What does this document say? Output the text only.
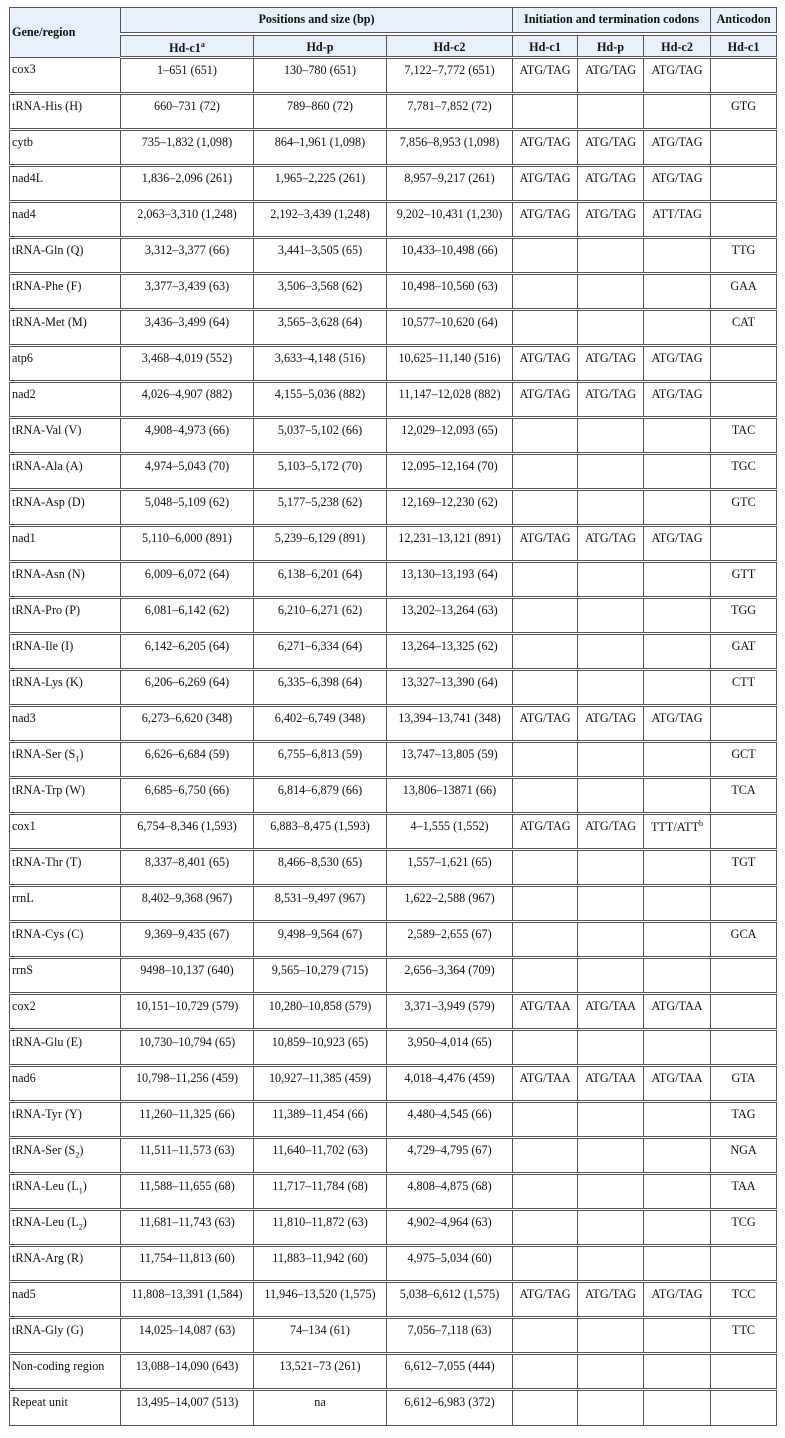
Gene/region	Positions and size (bp)			Initiation and termination codons			Anticodon
	Hd-c1$^a$	Hd-p	Hd-c2	Hd-c1	Hd-p	Hd-c2	Hd-c1
cox3	1–651 (651)	130–780 (651)	7,122–7,772 (651)	ATG/TAG	ATG/TAG	ATG/TAG	
tRNA-His (H)	660–731 (72)	789–860 (72)	7,781–7,852 (72)				GTG
cytb	735–1,832 (1,098)	864–1,961 (1,098)	7,856–8,953 (1,098)	ATG/TAG	ATG/TAG	ATG/TAG	
nad4L	1,836–2,096 (261)	1,965–2,225 (261)	8,957–9,217 (261)	ATG/TAG	ATG/TAG	ATG/TAG	
nad4	2,063–3,310 (1,248)	2,192–3,439 (1,248)	9,202–10,431 (1,230)	ATG/TAG	ATG/TAG	ATT/TAG	
tRNA-Gln (Q)	3,312–3,377 (66)	3,441–3,505 (65)	10,433–10,498 (66)				TTG
tRNA-Phe (F)	3,377–3,439 (63)	3,506–3,568 (62)	10,498–10,560 (63)				GAA
tRNA-Met (M)	3,436–3,499 (64)	3,565–3,628 (64)	10,577–10,620 (64)				CAT
atp6	3,468–4,019 (552)	3,633–4,148 (516)	10,625–11,140 (516)	ATG/TAG	ATG/TAG	ATG/TAG	
nad2	4,026–4,907 (882)	4,155–5,036 (882)	11,147–12,028 (882)	ATG/TAG	ATG/TAG	ATG/TAG	
tRNA-Val (V)	4,908–4,973 (66)	5,037–5,102 (66)	12,029–12,093 (65)				TAC
tRNA-Ala (A)	4,974–5,043 (70)	5,103–5,172 (70)	12,095–12,164 (70)				TGC
tRNA-Asp (D)	5,048–5,109 (62)	5,177–5,238 (62)	12,169–12,230 (62)				GTC
nad1	5,110–6,000 (891)	5,239–6,129 (891)	12,231–13,121 (891)	ATG/TAG	ATG/TAG	ATG/TAG	
tRNA-Asn (N)	6,009–6,072 (64)	6,138–6,201 (64)	13,130–13,193 (64)				GTT
tRNA-Pro (P)	6,081–6,142 (62)	6,210–6,271 (62)	13,202–13,264 (63)				TGG
tRNA-Ile (I)	6,142–6,205 (64)	6,271–6,334 (64)	13,264–13,325 (62)				GAT
tRNA-Lys (K)	6,206–6,269 (64)	6,335–6,398 (64)	13,327–13,390 (64)				CTT
nad3	6,273–6,620 (348)	6,402–6,749 (348)	13,394–13,741 (348)	ATG/TAG	ATG/TAG	ATG/TAG	
tRNA-Ser $(S_1)$	6,626–6,684 (59)	6,755–6,813 (59)	13,747–13,805 (59)				GCT
tRNA-Trp (W)	6,685–6,750 (66)	6,814–6,879 (66)	13,806–13871 (66)				TCA
cox1	6,754–8,346 (1,593)	6,883–8,475 (1,593)	4–1,555 (1,552)	ATG/TAG	ATG/TAG	TTT/ATT$^b$	
tRNA-Thr (T)	8,337–8,401 (65)	8,466–8,530 (65)	1,557–1,621 (65)				TGT
rrnL	8,402–9,368 (967)	8,531–9,497 (967)	1,622–2,588 (967)				
tRNA-Cys (C)	9,369–9,435 (67)	9,498–9,564 (67)	2,589–2,655 (67)				GCA
rrnS	9498–10,137 (640)	9,565–10,279 (715)	2,656–3,364 (709)				
cox2	10,151–10,729 (579)	10,280–10,858 (579)	3,371–3,949 (579)	ATG/TAA	ATG/TAA	ATG/TAA	
tRNA-Glu (E)	10,730–10,794 (65)	10,859–10,923 (65)	3,950–4,014 (65)				
nad6	10,798–11,256 (459)	10,927–11,385 (459)	4,018–4,476 (459)	ATG/TAA	ATG/TAA	ATG/TAA	GTA
tRNA-Tyr (Y)	11,260–11,325 (66)	11,389–11,454 (66)	4,480–4,545 (66)				TAG
tRNA-Ser $(S_2)$	11,511–11,573 (63)	11,640–11,702 (63)	4,729–4,795 (67)				NGA
tRNA-Leu $(L_1)$	11,588–11,655 (68)	11,717–11,784 (68)	4,808–4,875 (68)				TAA
tRNA-Leu $(L_2)$	11,681–11,743 (63)	11,810–11,872 (63)	4,902–4,964 (63)				TCG
tRNA-Arg (R)	11,754–11,813 (60)	11,883–11,942 (60)	4,975–5,034 (60)				
nad5	11,808–13,391 (1,584)	11,946–13,520 (1,575)	5,038–6,612 (1,575)	ATG/TAG	ATG/TAG	ATG/TAG	TCC
tRNA-Gly (G)	14,025–14,087 (63)	74–134 (61)	7,056–7,118 (63)				TTC
Non-coding region	13,088–14,090 (643)	13,521–73 (261)	6,612–7,055 (444)				
Repeat unit	13,495–14,007 (513)	na	6,612–6,983 (372)				
